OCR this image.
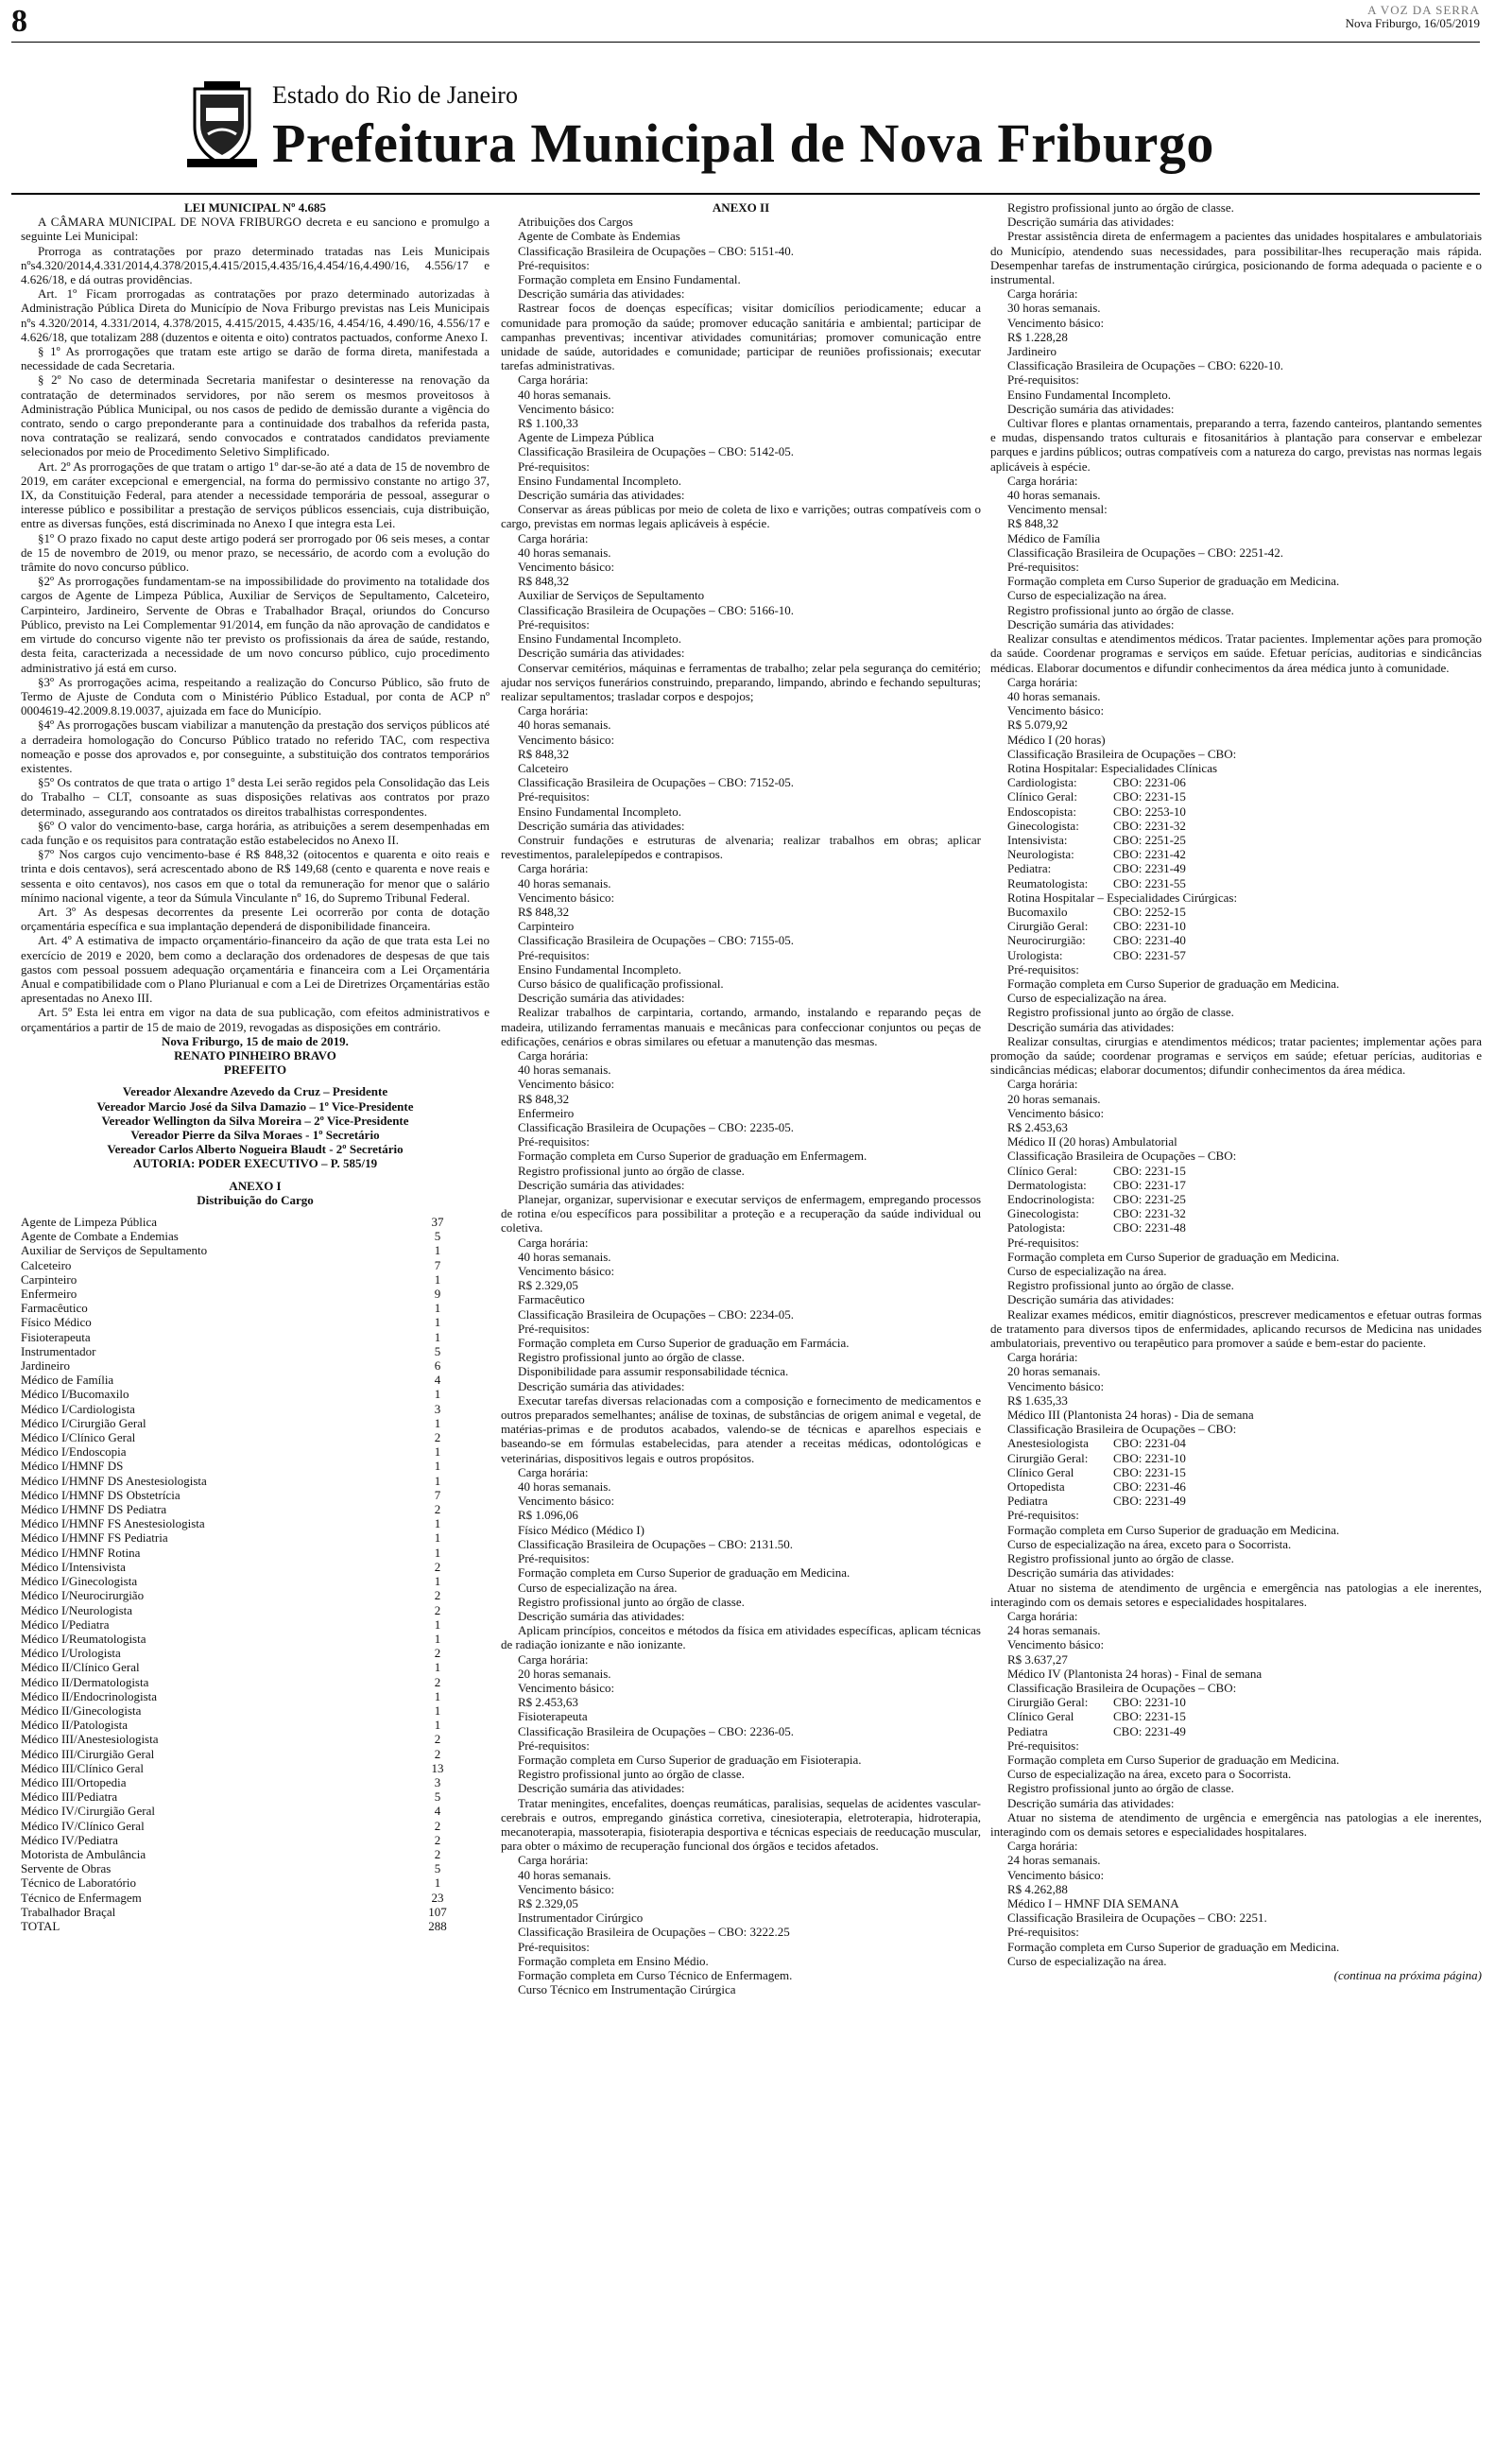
8	A VOZ DA SERRA
Nova Friburgo, 16/05/2019
Estado do Rio de Janeiro
Prefeitura Municipal de Nova Friburgo

LEI MUNICIPAL Nº 4.685

A CÂMARA MUNICIPAL DE NOVA FRIBURGO decreta e eu sanciono e promulgo a seguinte Lei Municipal:

Prorroga as contratações por prazo determinado tratadas nas Leis Municipais nºs4.320/2014,4.331/2014,4.378/2015,4.415/2015,4.435/16,4.454/16,4.490/16, 4.556/17 e 4.626/18, e dá outras providências.

Art. 1º Ficam prorrogadas as contratações por prazo determinado autorizadas à Administração Pública Direta do Município de Nova Friburgo previstas nas Leis Municipais nºs 4.320/2014, 4.331/2014, 4.378/2015, 4.415/2015, 4.435/16, 4.454/16, 4.490/16, 4.556/17 e 4.626/18, que totalizam 288 (duzentos e oitenta e oito) contratos pactuados, conforme Anexo I.

§ 1º As prorrogações que tratam este artigo se darão de forma direta, manifestada a necessidade de cada Secretaria.

§ 2º No caso de determinada Secretaria manifestar o desinteresse na renovação da contratação de determinados servidores, por não serem os mesmos proveitosos à Administração Pública Municipal, ou nos casos de pedido de demissão durante a vigência do contrato, sendo o cargo preponderante para a continuidade dos trabalhos da referida pasta, nova contratação se realizará, sendo convocados e contratados candidatos previamente selecionados por meio de Procedimento Seletivo Simplificado.

Art. 2º As prorrogações de que tratam o artigo 1º dar-se-ão até a data de 15 de novembro de 2019, em caráter excepcional e emergencial, na forma do permissivo constante no artigo 37, IX, da Constituição Federal, para atender a necessidade temporária de pessoal, assegurar o interesse público e possibilitar a prestação de serviços públicos essenciais, cuja distribuição, entre as diversas funções, está discriminada no Anexo I que integra esta Lei.

§1º O prazo fixado no caput deste artigo poderá ser prorrogado por 06 seis meses, a contar de 15 de novembro de 2019, ou menor prazo, se necessário, de acordo com a evolução do trâmite do novo concurso público.

§2º As prorrogações fundamentam-se na impossibilidade do provimento na totalidade dos cargos de Agente de Limpeza Pública, Auxiliar de Serviços de Sepultamento, Calceteiro, Carpinteiro, Jardineiro, Servente de Obras e Trabalhador Braçal, oriundos do Concurso Público, previsto na Lei Complementar 91/2014, em função da não aprovação de candidatos e em virtude do concurso vigente não ter previsto os profissionais da área de saúde, restando, desta feita, caracterizada a necessidade de um novo concurso público, cujo procedimento administrativo já está em curso.

§3º As prorrogações acima, respeitando a realização do Concurso Público, são fruto de Termo de Ajuste de Conduta com o Ministério Público Estadual, por conta de ACP nº 0004619-42.2009.8.19.0037, ajuizada em face do Município.

§4º As prorrogações buscam viabilizar a manutenção da prestação dos serviços públicos até a derradeira homologação do Concurso Público tratado no referido TAC, com respectiva nomeação e posse dos aprovados e, por conseguinte, a substituição dos contratos temporários existentes.

§5º Os contratos de que trata o artigo 1º desta Lei serão regidos pela Consolidação das Leis do Trabalho – CLT, consoante as suas disposições relativas aos contratos por prazo determinado, assegurando aos contratados os direitos trabalhistas correspondentes.

§6º O valor do vencimento-base, carga horária, as atribuições a serem desempenhadas em cada função e os requisitos para contratação estão estabelecidos no Anexo II.

§7º Nos cargos cujo vencimento-base é R$ 848,32 (oitocentos e quarenta e oito reais e trinta e dois centavos), será acrescentado abono de R$ 149,68 (cento e quarenta e nove reais e sessenta e oito centavos), nos casos em que o total da remuneração for menor que o salário mínimo nacional vigente, a teor da Súmula Vinculante nº 16, do Supremo Tribunal Federal.

Art. 3º As despesas decorrentes da presente Lei ocorrerão por conta de dotação orçamentária específica e sua implantação dependerá de disponibilidade financeira.

Art. 4º A estimativa de impacto orçamentário-financeiro da ação de que trata esta Lei no exercício de 2019 e 2020, bem como a declaração dos ordenadores de despesas de que tais gastos com pessoal possuem adequação orçamentária e financeira com a Lei Orçamentária Anual e compatibilidade com o Plano Plurianual e com a Lei de Diretrizes Orçamentárias estão apresentadas no Anexo III.

Art. 5º Esta lei entra em vigor na data de sua publicação, com efeitos administrativos e orçamentários a partir de 15 de maio de 2019, revogadas as disposições em contrário.

Nova Friburgo, 15 de maio de 2019.

RENATO PINHEIRO BRAVO

PREFEITO

Vereador Alexandre Azevedo da Cruz – Presidente

Vereador Marcio José da Silva Damazio – 1º Vice-Presidente

Vereador Wellington da Silva Moreira – 2º Vice-Presidente

Vereador Pierre da Silva Moraes - 1º Secretário

Vereador Carlos Alberto Nogueira Blaudt - 2º Secretário

AUTORIA: PODER EXECUTIVO – P. 585/19

ANEXO I

Distribuição do Cargo

Agente de Limpeza Pública	37
Agente de Combate a Endemias	5
Auxiliar de Serviços de Sepultamento	1
Calceteiro	7
Carpinteiro	1
Enfermeiro	9
Farmacêutico	1
Físico Médico	1
Fisioterapeuta	1
Instrumentador	5
Jardineiro	6
Médico de Família	4
Médico I/Bucomaxilo	1
Médico I/Cardiologista	3
Médico I/Cirurgião Geral	1
Médico I/Clínico Geral	2
Médico I/Endoscopia	1
Médico I/HMNF DS	1
Médico I/HMNF DS Anestesiologista	1
Médico I/HMNF DS Obstetrícia	7
Médico I/HMNF DS Pediatra	2
Médico I/HMNF FS Anestesiologista	1
Médico I/HMNF FS Pediatria	1
Médico I/HMNF Rotina	1
Médico I/Intensivista	2
Médico I/Ginecologista	1
Médico I/Neurocirurgião	2
Médico I/Neurologista	2
Médico I/Pediatra	1
Médico I/Reumatologista	1
Médico I/Urologista	2
Médico II/Clínico Geral	1
Médico II/Dermatologista	2
Médico II/Endocrinologista	1
Médico II/Ginecologista	1
Médico II/Patologista	1
Médico III/Anestesiologista	2
Médico III/Cirurgião Geral	2
Médico III/Clínico Geral	13
Médico III/Ortopedia	3
Médico III/Pediatra	5
Médico IV/Cirurgião Geral	4
Médico IV/Clínico Geral	2
Médico IV/Pediatra	2
Motorista de Ambulância	2
Servente de Obras	5
Técnico de Laboratório	1
Técnico de Enfermagem	23
Trabalhador Braçal	107
TOTAL	288

ANEXO II

Atribuições dos Cargos

Agente de Combate às Endemias

Classificação Brasileira de Ocupações – CBO: 5151-40.

Pré-requisitos:

Formação completa em Ensino Fundamental.

Descrição sumária das atividades:

Rastrear focos de doenças específicas; visitar domicílios periodicamente; educar a comunidade para promoção da saúde; promover educação sanitária e ambiental; participar de campanhas preventivas; incentivar atividades comunitárias; promover comunicação entre unidade de saúde, autoridades e comunidade; participar de reuniões profissionais; executar tarefas administrativas.

Carga horária:

40 horas semanais.

Vencimento básico:

R$ 1.100,33

Agente de Limpeza Pública

Classificação Brasileira de Ocupações – CBO: 5142-05.

Pré-requisitos:

Ensino Fundamental Incompleto.

Descrição sumária das atividades:

Conservar as áreas públicas por meio de coleta de lixo e varrições; outras compatíveis com o cargo, previstas em normas legais aplicáveis à espécie.

Carga horária:

40 horas semanais.

Vencimento básico:

R$ 848,32

Auxiliar de Serviços de Sepultamento

Classificação Brasileira de Ocupações – CBO: 5166-10.

Pré-requisitos:

Ensino Fundamental Incompleto.

Descrição sumária das atividades:

Conservar cemitérios, máquinas e ferramentas de trabalho; zelar pela segurança do cemitério; ajudar nos serviços funerários construindo, preparando, limpando, abrindo e fechando sepulturas; realizar sepultamentos; trasladar corpos e despojos;

Carga horária:

40 horas semanais.

Vencimento básico:

R$ 848,32

Calceteiro

Classificação Brasileira de Ocupações – CBO: 7152-05.

Pré-requisitos:

Ensino Fundamental Incompleto.

Descrição sumária das atividades:

Construir fundações e estruturas de alvenaria; realizar trabalhos em obras; aplicar revestimentos, paralelepípedos e contrapisos.

Carga horária:

40 horas semanais.

Vencimento básico:

R$ 848,32

Carpinteiro

Classificação Brasileira de Ocupações – CBO: 7155-05.

Pré-requisitos:

Ensino Fundamental Incompleto.

Curso básico de qualificação profissional.

Descrição sumária das atividades:

Realizar trabalhos de carpintaria, cortando, armando, instalando e reparando peças de madeira, utilizando ferramentas manuais e mecânicas para confeccionar conjuntos ou peças de edificações, cenários e obras similares ou efetuar a manutenção das mesmas.

Carga horária:

40 horas semanais.

Vencimento básico:

R$ 848,32

Enfermeiro

Classificação Brasileira de Ocupações – CBO: 2235-05.

Pré-requisitos:

Formação completa em Curso Superior de graduação em Enfermagem.

Registro profissional junto ao órgão de classe.

Descrição sumária das atividades:

Planejar, organizar, supervisionar e executar serviços de enfermagem, empregando processos de rotina e/ou específicos para possibilitar a proteção e a recuperação da saúde individual ou coletiva.

Carga horária:

40 horas semanais.

Vencimento básico:

R$ 2.329,05

Farmacêutico

Classificação Brasileira de Ocupações – CBO: 2234-05.

Pré-requisitos:

Formação completa em Curso Superior de graduação em Farmácia.

Registro profissional junto ao órgão de classe.

Disponibilidade para assumir responsabilidade técnica.

Descrição sumária das atividades:

Executar tarefas diversas relacionadas com a composição e fornecimento de medicamentos e outros preparados semelhantes; análise de toxinas, de substâncias de origem animal e vegetal, de matérias-primas e de produtos acabados, valendo-se de técnicas e aparelhos especiais e baseando-se em fórmulas estabelecidas, para atender a receitas médicas, odontológicas e veterinárias, dispositivos legais e outros propósitos.

Carga horária:

40 horas semanais.

Vencimento básico:

R$ 1.096,06

Físico Médico (Médico I)

Classificação Brasileira de Ocupações – CBO: 2131.50.

Pré-requisitos:

Formação completa em Curso Superior de graduação em Medicina.

Curso de especialização na área.

Registro profissional junto ao órgão de classe.

Descrição sumária das atividades:

Aplicam princípios, conceitos e métodos da física em atividades específicas, aplicam técnicas de radiação ionizante e não ionizante.

Carga horária:

20 horas semanais.

Vencimento básico:

R$ 2.453,63

Fisioterapeuta

Classificação Brasileira de Ocupações – CBO: 2236-05.

Pré-requisitos:

Formação completa em Curso Superior de graduação em Fisioterapia.

Registro profissional junto ao órgão de classe.

Descrição sumária das atividades:

Tratar meningites, encefalites, doenças reumáticas, paralisias, sequelas de acidentes vascular-cerebrais e outros, empregando ginástica corretiva, cinesioterapia, eletroterapia, hidroterapia, mecanoterapia, massoterapia, fisioterapia desportiva e técnicas especiais de reeducação muscular, para obter o máximo de recuperação funcional dos órgãos e tecidos afetados.

Carga horária:

40 horas semanais.

Vencimento básico:

R$ 2.329,05

Instrumentador Cirúrgico

Classificação Brasileira de Ocupações – CBO: 3222.25

Pré-requisitos:

Formação completa em Ensino Médio.

Formação completa em Curso Técnico de Enfermagem.

Curso Técnico em Instrumentação Cirúrgica

Registro profissional junto ao órgão de classe.

Descrição sumária das atividades:

Prestar assistência direta de enfermagem a pacientes das unidades hospitalares e ambulatoriais do Município, atendendo suas necessidades, para possibilitar-lhes recuperação mais rápida. Desempenhar tarefas de instrumentação cirúrgica, posicionando de forma adequada o paciente e o instrumental.

Carga horária:

30 horas semanais.

Vencimento básico:

R$ 1.228,28

Jardineiro

Classificação Brasileira de Ocupações – CBO: 6220-10.

Pré-requisitos:

Ensino Fundamental Incompleto.

Descrição sumária das atividades:

Cultivar flores e plantas ornamentais, preparando a terra, fazendo canteiros, plantando sementes e mudas, dispensando tratos culturais e fitosanitários à plantação para conservar e embelezar parques e jardins públicos; outras compatíveis com a natureza do cargo, previstas nas normas legais aplicáveis à espécie.

Carga horária:

40 horas semanais.

Vencimento mensal:

R$ 848,32

Médico de Família

Classificação Brasileira de Ocupações – CBO: 2251-42.

Pré-requisitos:

Formação completa em Curso Superior de graduação em Medicina.

Curso de especialização na área.

Registro profissional junto ao órgão de classe.

Descrição sumária das atividades:

Realizar consultas e atendimentos médicos. Tratar pacientes. Implementar ações para promoção da saúde. Coordenar programas e serviços em saúde. Efetuar perícias, auditorias e sindicâncias médicas. Elaborar documentos e difundir conhecimentos da área médica junto à comunidade.

Carga horária:

40 horas semanais.

Vencimento básico:

R$ 5.079,92

Médico I (20 horas)

Classificação Brasileira de Ocupações – CBO:

Rotina Hospitalar: Especialidades Clínicas

Cardiologista:	CBO: 2231-06
Clínico Geral:	CBO: 2231-15
Endoscopista:	CBO: 2253-10
Ginecologista:	CBO: 2231-32
Intensivista:	CBO: 2251-25
Neurologista:	CBO: 2231-42
Pediatra:	CBO: 2231-49
Reumatologista:	CBO: 2231-55

Rotina Hospitalar – Especialidades Cirúrgicas:

Bucomaxilo	CBO: 2252-15
Cirurgião Geral:	CBO: 2231-10
Neurocirurgião:	CBO: 2231-40
Urologista:	CBO: 2231-57

Pré-requisitos:

Formação completa em Curso Superior de graduação em Medicina.

Curso de especialização na área.

Registro profissional junto ao órgão de classe.

Descrição sumária das atividades:

Realizar consultas, cirurgias e atendimentos médicos; tratar pacientes; implementar ações para promoção da saúde; coordenar programas e serviços em saúde; efetuar perícias, auditorias e sindicâncias médicas; elaborar documentos; difundir conhecimentos da área médica.

Carga horária:

20 horas semanais.

Vencimento básico:

R$ 2.453,63

Médico II (20 horas) Ambulatorial

Classificação Brasileira de Ocupações – CBO:

Clínico Geral:	CBO: 2231-15
Dermatologista:	CBO: 2231-17
Endocrinologista:	CBO: 2231-25
Ginecologista:	CBO: 2231-32
Patologista:	CBO: 2231-48

Pré-requisitos:

Formação completa em Curso Superior de graduação em Medicina.

Curso de especialização na área.

Registro profissional junto ao órgão de classe.

Descrição sumária das atividades:

Realizar exames médicos, emitir diagnósticos, prescrever medicamentos e efetuar outras formas de tratamento para diversos tipos de enfermidades, aplicando recursos de Medicina nas unidades ambulatoriais, preventivo ou terapêutico para promover a saúde e bem-estar do paciente.

Carga horária:

20 horas semanais.

Vencimento básico:

R$ 1.635,33

Médico III (Plantonista 24 horas) - Dia de semana

Classificação Brasileira de Ocupações – CBO:

Anestesiologista	CBO: 2231-04
Cirurgião Geral:	CBO: 2231-10
Clínico Geral	CBO: 2231-15
Ortopedista	CBO: 2231-46
Pediatra	CBO: 2231-49

Pré-requisitos:

Formação completa em Curso Superior de graduação em Medicina.

Curso de especialização na área, exceto para o Socorrista.

Registro profissional junto ao órgão de classe.

Descrição sumária das atividades:

Atuar no sistema de atendimento de urgência e emergência nas patologias a ele inerentes, interagindo com os demais setores e especialidades hospitalares.

Carga horária:

24 horas semanais.

Vencimento básico:

R$ 3.637,27

Médico IV (Plantonista 24 horas) - Final de semana

Classificação Brasileira de Ocupações – CBO:

Cirurgião Geral:	CBO: 2231-10
Clínico Geral	CBO: 2231-15
Pediatra	CBO: 2231-49

Pré-requisitos:

Formação completa em Curso Superior de graduação em Medicina.

Curso de especialização na área, exceto para o Socorrista.

Registro profissional junto ao órgão de classe.

Descrição sumária das atividades:

Atuar no sistema de atendimento de urgência e emergência nas patologias a ele inerentes, interagindo com os demais setores e especialidades hospitalares.

Carga horária:

24 horas semanais.

Vencimento básico:

R$ 4.262,88

Médico I – HMNF DIA SEMANA

Classificação Brasileira de Ocupações – CBO: 2251.

Pré-requisitos:

Formação completa em Curso Superior de graduação em Medicina.

Curso de especialização na área.

(continua na próxima página)
